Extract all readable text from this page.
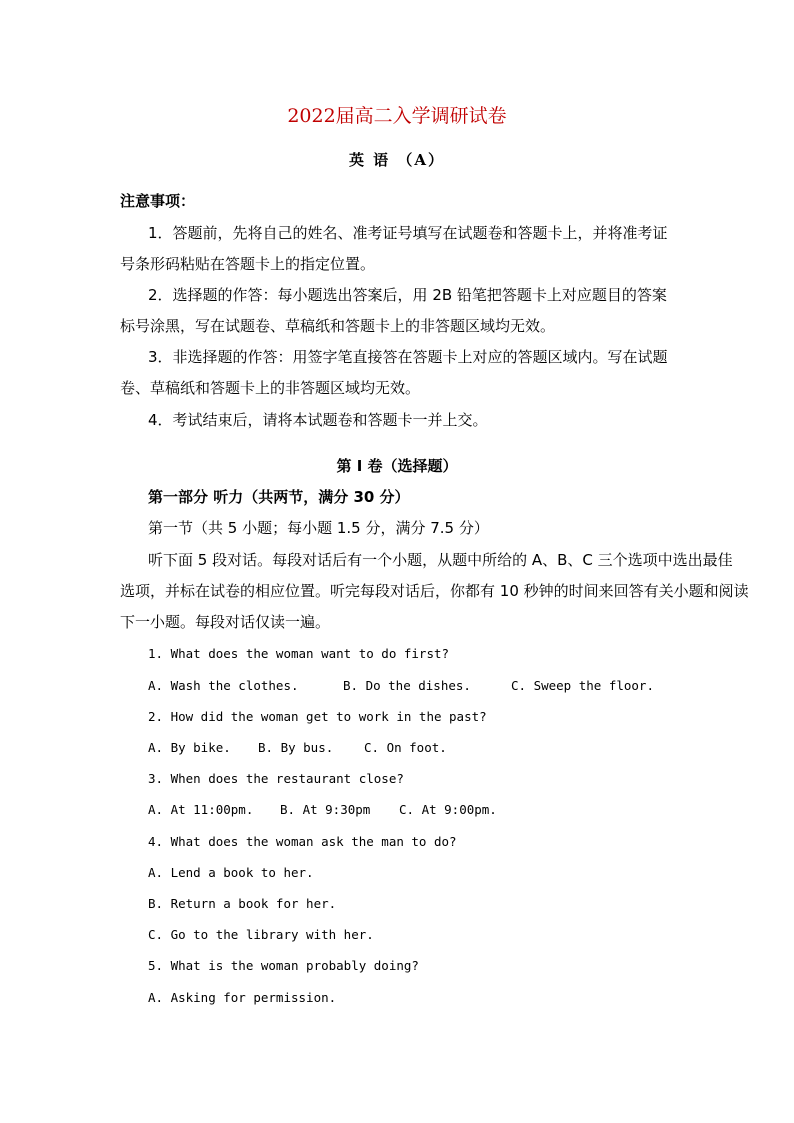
2022届高二入学调研试卷
英 语 （A）
注意事项：
1．答题前，先将自己的姓名、准考证号填写在试题卷和答题卡上，并将准考证
号条形码粘贴在答题卡上的指定位置。
2．选择题的作答：每小题选出答案后，用 2B 铅笔把答题卡上对应题目的答案
标号涂黑，写在试题卷、草稿纸和答题卡上的非答题区域均无效。
3．非选择题的作答：用签字笔直接答在答题卡上对应的答题区域内。写在试题
卷、草稿纸和答题卡上的非答题区域均无效。
4．考试结束后，请将本试题卷和答题卡一并上交。
第 I 卷（选择题）
第一部分 听力（共两节，满分 30 分）
第一节（共 5 小题；每小题 1.5 分，满分 7.5 分）
听下面 5 段对话。每段对话后有一个小题，从题中所给的 A、B、C 三个选项中选出最佳
选项，并标在试卷的相应位置。听完每段对话后，你都有 10 秒钟的时间来回答有关小题和阅读
下一小题。每段对话仅读一遍。
1. What does the woman want to do first?
A. Wash the clothes.	B. Do the dishes.	C. Sweep the floor.
2. How did the woman get to work in the past?
A. By bike. B. By bus. C. On foot.
3. When does the restaurant close?
A. At 11:00pm. B. At 9:30pm C. At 9:00pm.
4. What does the woman ask the man to do?
A. Lend a book to her.
B. Return a book for her.
C. Go to the library with her.
5. What is the woman probably doing?
A. Asking for permission.
